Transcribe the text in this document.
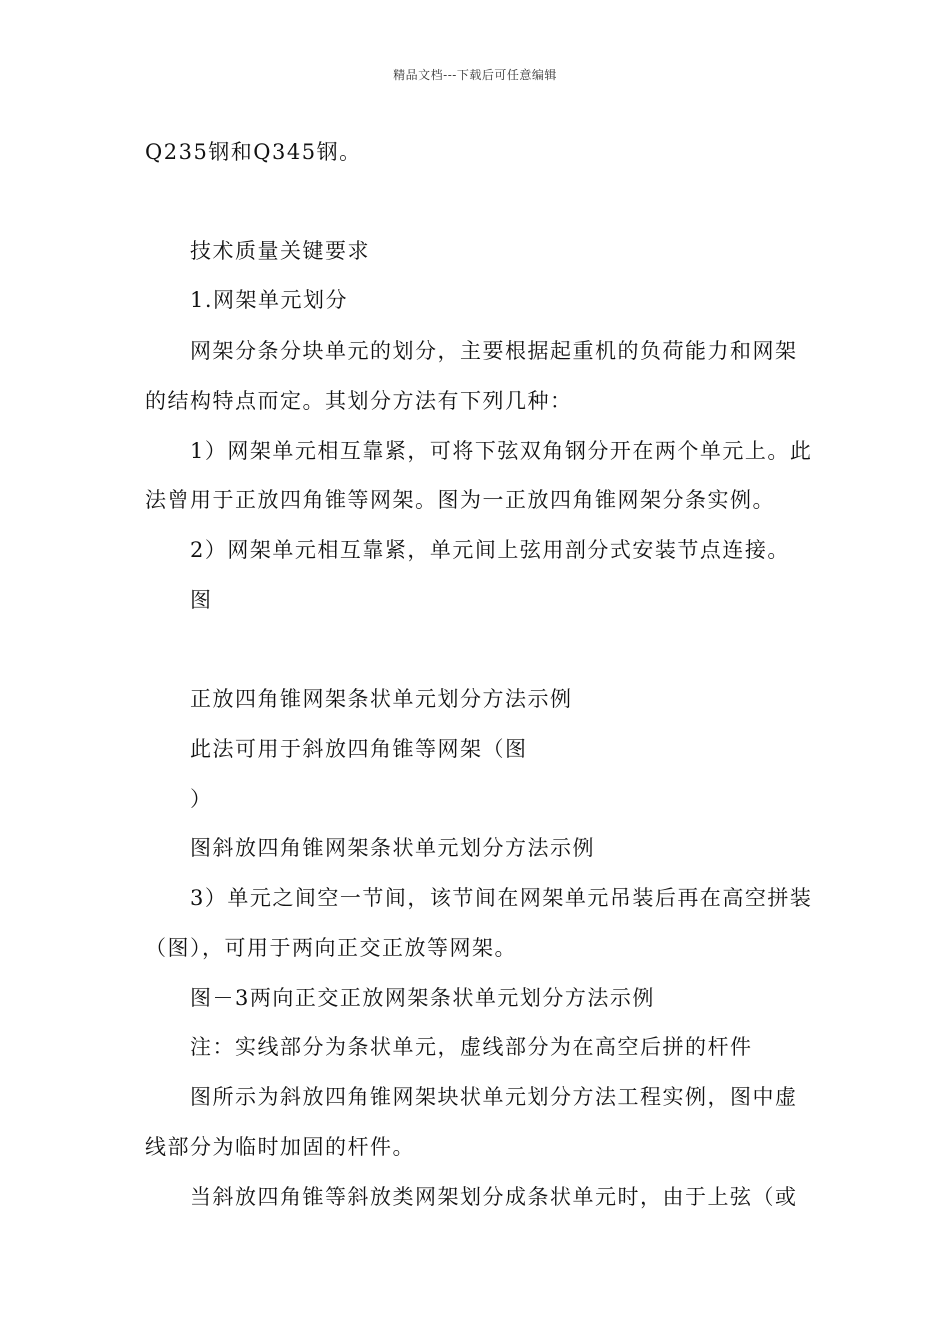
精品文档---下载后可任意编辑
Q235钢和Q345钢。
技术质量关键要求
1.网架单元划分
网架分条分块单元的划分，主要根据起重机的负荷能力和网架
的结构特点而定。其划分方法有下列几种：
1）网架单元相互靠紧，可将下弦双角钢分开在两个单元上。此
法曾用于正放四角锥等网架。图为一正放四角锥网架分条实例。
2）网架单元相互靠紧，单元间上弦用剖分式安装节点连接。
图
正放四角锥网架条状单元划分方法示例
此法可用于斜放四角锥等网架（图
）
图斜放四角锥网架条状单元划分方法示例
3）单元之间空一节间，该节间在网架单元吊装后再在高空拼装
（图），可用于两向正交正放等网架。
图－3两向正交正放网架条状单元划分方法示例
注：实线部分为条状单元，虚线部分为在高空后拼的杆件
图所示为斜放四角锥网架块状单元划分方法工程实例，图中虚
线部分为临时加固的杆件。
当斜放四角锥等斜放类网架划分成条状单元时，由于上弦（或
